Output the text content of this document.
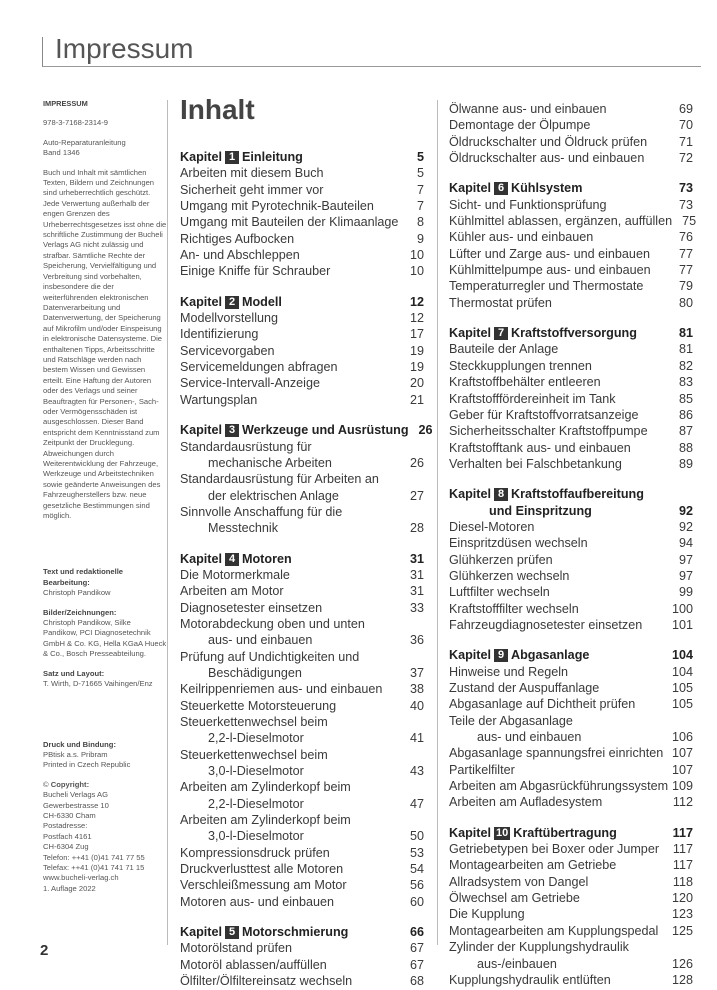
Impressum

IMPRESSUM

978-3-7168-2314-9

Auto-Reparaturanleitung
Band 1346

Buch und Inhalt mit sämtlichen Texten, Bildern und Zeichnungen sind urheberrechtlich geschützt. Jede Verwertung außerhalb der engen Grenzen des Urheberrechtsgesetzes isst ohne die schriftliche Zustimmung der Bucheli Verlags AG nicht zulässig und strafbar. Sämtliche Rechte der Speicherung, Vervielfältigung und Verbreitung sind vorbehalten, insbesondere die der weiterführenden elektronischen Datenverarbeitung und Datenverwertung, der Speicherung auf Mikrofilm und/oder Einspeisung in elektronische Datensysteme. Die enthaltenen Tipps, Arbeitsschritte und Ratschläge werden nach bestem Wissen und Gewissen erteilt. Eine Haftung der Autoren oder des Verlags und seiner Beauftragten für Personen-, Sach- oder Vermögensschäden ist ausgeschlossen. Dieser Band entspricht dem Kenntnisstand zum Zeitpunkt der Drucklegung. Abweichungen durch Weiterentwicklung der Fahrzeuge, Werkzeuge und Arbeitstechniken sowie geänderte Anweisungen des Fahrzeugherstellers bzw. neue gesetzliche Bestimmungen sind möglich.

Text und redaktionelle Bearbeitung:
Christoph Pandikow

Bilder/Zeichnungen:
Christoph Pandikow, Silke Pandikow, PCI Diagnosetechnik GmbH & Co. KG, Hella KGaA Hueck & Co., Bosch Presseabteilung.

Satz und Layout:
T. Wirth, D-71665 Vaihingen/Enz

Druck und Bindung:
PBtisk a.s. Pribram
Printed in Czech Republic

© Copyright:
Bucheli Verlags AG
Gewerbestrasse 10
CH-6330 Cham
Postadresse:
Postfach 4161
CH-6304 Zug
Telefon: ++41 (0)41 741 77 55
Telefax: ++41 (0)41 741 71 15
www.bucheli-verlag.ch
1. Auflage 2022

Inhalt
Kapitel 1 Einleitung	5
Arbeiten mit diesem Buch	5
Sicherheit geht immer vor	7
Umgang mit Pyrotechnik-Bauteilen	7
Umgang mit Bauteilen der Klimaanlage	8
Richtiges Aufbocken	9
An- und Abschleppen	10
Einige Kniffe für Schrauber	10
Kapitel 2 Modell	12
Modellvorstellung	12
Identifizierung	17
Servicevorgaben	19
Servicemeldungen abfragen	19
Service-Intervall-Anzeige	20
Wartungsplan	21
Kapitel 3 Werkzeuge und Ausrüstung 26
Standardausrüstung für
mechanische Arbeiten	26
Standardausrüstung für Arbeiten an
der elektrischen Anlage	27
Sinnvolle Anschaffung für die
Messtechnik	28
Kapitel 4 Motoren	31
Die Motormerkmale	31
Arbeiten am Motor	31
Diagnosetester einsetzen	33
Motorabdeckung oben und unten
aus- und einbauen	36
Prüfung auf Undichtigkeiten und
Beschädigungen	37
Keilrippenriemen aus- und einbauen	38
Steuerkette Motorsteuerung	40
Steuerkettenwechsel beim
2,2-l-Dieselmotor	41
Steuerkettenwechsel beim
3,0-l-Dieselmotor	43
Arbeiten am Zylinderkopf beim
2,2-l-Dieselmotor	47
Arbeiten am Zylinderkopf beim
3,0-l-Dieselmotor	50
Kompressionsdruck prüfen	53
Druckverlusttest alle Motoren	54
Verschleißmessung am Motor	56
Motoren aus- und einbauen	60
Kapitel 5 Motorschmierung	66
Motorölstand prüfen	67
Motoröl ablassen/auffüllen	67
Ölfilter/Ölfiltereinsatz wechseln	68
Ölwanne aus- und einbauen	69
Demontage der Ölpumpe	70
Öldruckschalter und Öldruck prüfen	71
Öldruckschalter aus- und einbauen	72
Kapitel 6 Kühlsystem	73
Sicht- und Funktionsprüfung	73
Kühlmittel ablassen, ergänzen, auffüllen 75
Kühler aus- und einbauen	76
Lüfter und Zarge aus- und einbauen	77
Kühlmittelpumpe aus- und einbauen	77
Temperaturregler und Thermostate	79
Thermostat prüfen	80
Kapitel 7 Kraftstoffversorgung	81
Bauteile der Anlage	81
Steckkupplungen trennen	82
Kraftstoffbehälter entleeren	83
Kraftstofffördereinheit im Tank	85
Geber für Kraftstoffvorratsanzeige	86
Sicherheitsschalter Kraftstoffpumpe	87
Kraftstofftank aus- und einbauen	88
Verhalten bei Falschbetankung	89
Kapitel 8 Kraftstoffaufbereitung
und Einspritzung	92
Diesel-Motoren	92
Einspritzdüsen wechseln	94
Glühkerzen prüfen	97
Glühkerzen wechseln	97
Luftfilter wechseln	99
Kraftstofffilter wechseln	100
Fahrzeugdiagnosetester einsetzen	101
Kapitel 9 Abgasanlage	104
Hinweise und Regeln	104
Zustand der Auspuffanlage	105
Abgasanlage auf Dichtheit prüfen	105
Teile der Abgasanlage
aus- und einbauen	106
Abgasanlage spannungsfrei einrichten 107
Partikelfilter	107
Arbeiten am Abgasrückführungssystem 109
Arbeiten am Aufladesystem	112
Kapitel 10 Kraftübertragung	117
Getriebetypen bei Boxer oder Jumper	117
Montagearbeiten am Getriebe	117
Allradsystem von Dangel	118
Ölwechsel am Getriebe	120
Die Kupplung	123
Montagearbeiten am Kupplungspedal	125
Zylinder der Kupplungshydraulik
aus-/einbauen	126
Kupplungshydraulik entlüften	128
2
